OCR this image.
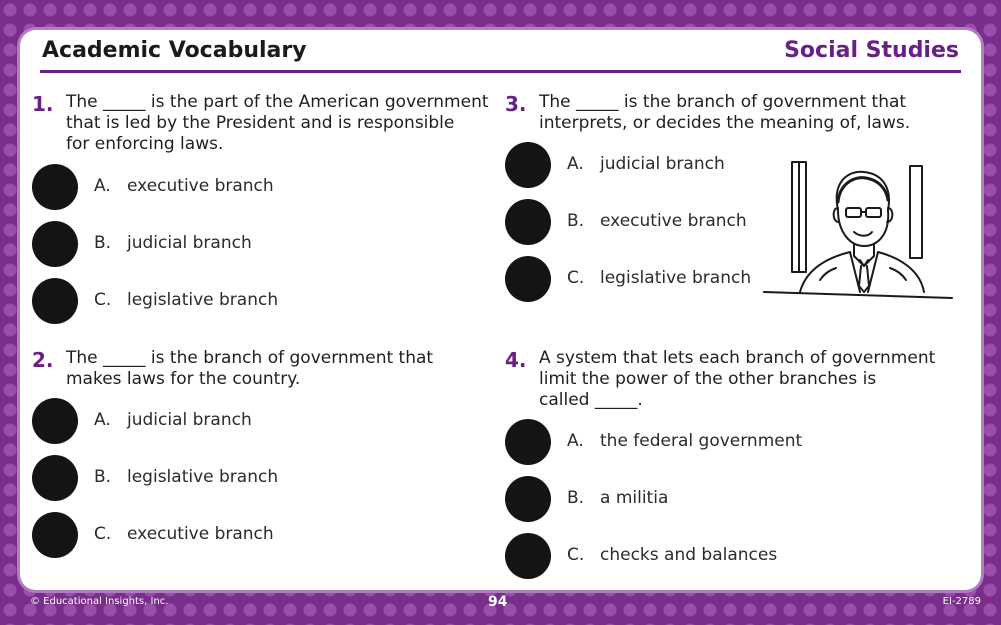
Academic Vocabulary	Social Studies
1. The _____ is the part of the American government
that is led by the President and is responsible
for enforcing laws.
A. executive branch
B. judicial branch
C. legislative branch
2. The _____ is the branch of government that
makes laws for the country.
A. judicial branch
B. legislative branch
C. executive branch
3. The _____ is the branch of government that
interprets, or decides the meaning of, laws.
A. judicial branch
B. executive branch
C. legislative branch
4. A system that lets each branch of government
limit the power of the other branches is
called _____.
A. the federal government
B. a militia
C. checks and balances
© Educational Insights, Inc.	94	EI-2789
